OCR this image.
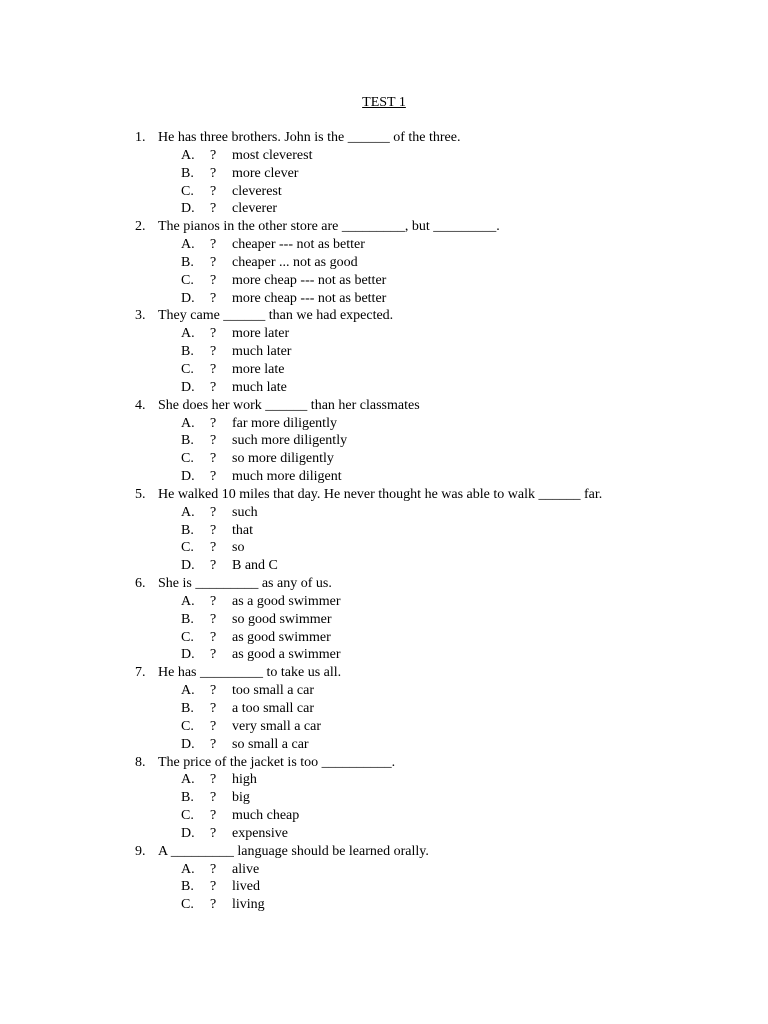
TEST 1
1. He has three brothers. John is the ______ of the three.
A. ? most cleverest
B. ? more clever
C. ? cleverest
D. ? cleverer
2. The pianos in the other store are _________, but _________.
A. ? cheaper --- not as better
B. ? cheaper ... not as good
C. ? more cheap --- not as better
D. ? more cheap --- not as better
3. They came ______ than we had expected.
A. ? more later
B. ? much later
C. ? more late
D. ? much late
4. She does her work ______ than her classmates
A. ? far more diligently
B. ? such more diligently
C. ? so more diligently
D. ? much more diligent
5. He walked 10 miles that day. He never thought he was able to walk ______ far.
A. ? such
B. ? that
C. ? so
D. ? B and C
6. She is _________ as any of us.
A. ? as a good swimmer
B. ? so good swimmer
C. ? as good swimmer
D. ? as good a swimmer
7. He has _________ to take us all.
A. ? too small a car
B. ? a too small car
C. ? very small a car
D. ? so small a car
8. The price of the jacket is too __________.
A. ? high
B. ? big
C. ? much cheap
D. ? expensive
9. A _________ language should be learned orally.
A. ? alive
B. ? lived
C. ? living
